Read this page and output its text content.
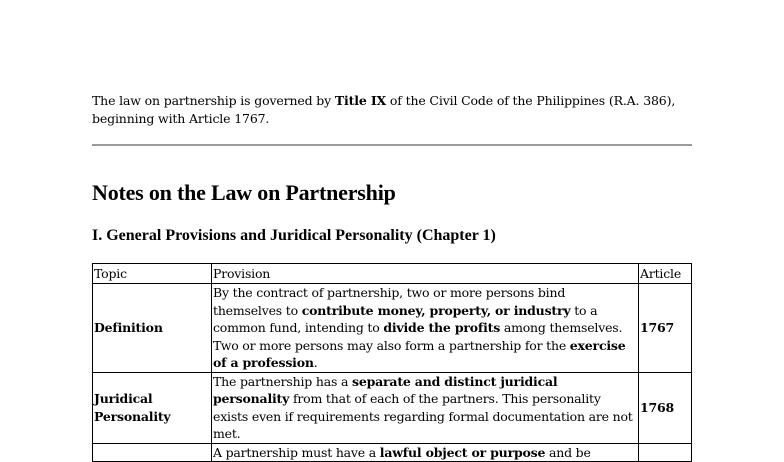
The law on partnership is governed by Title IX of the Civil Code of the Philippines (R.A. 386), beginning with Article 1767.

Notes on the Law on Partnership
I. General Provisions and Juridical Personality (Chapter 1)
Topic	Provision	Article
Definition	By the contract of partnership, two or more persons bind themselves to contribute money, property, or industry to a common fund, intending to divide the profits among themselves. Two or more persons may also form a partnership for the exercise of a profession.	1767
Juridical Personality	The partnership has a separate and distinct juridical personality from that of each of the partners. This personality exists even if requirements regarding formal documentation are not met.	1768
	A partnership must have a lawful object or purpose and be	
